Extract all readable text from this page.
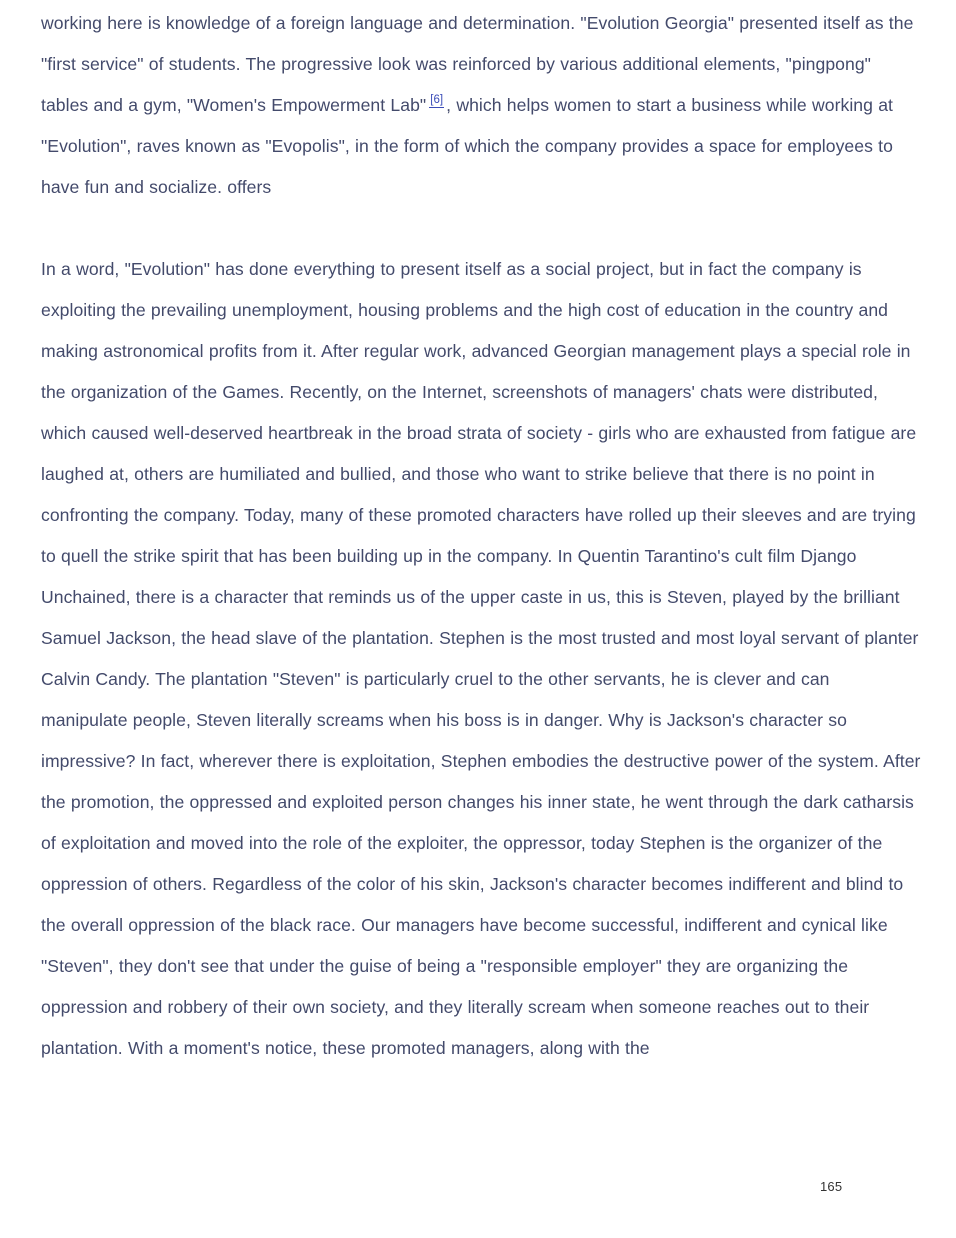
working here is knowledge of a foreign language and determination. "Evolution Georgia" presented itself as the "first service" of students. The progressive look was reinforced by various additional elements, "pingpong" tables and a gym, "Women's Empowerment Lab" [6] , which helps women to start a business while working at "Evolution", raves known as "Evopolis", in the form of which the company provides a space for employees to have fun and socialize. offers

In a word, "Evolution" has done everything to present itself as a social project, but in fact the company is exploiting the prevailing unemployment, housing problems and the high cost of education in the country and making astronomical profits from it. After regular work, advanced Georgian management plays a special role in the organization of the Games. Recently, on the Internet, screenshots of managers' chats were distributed, which caused well-deserved heartbreak in the broad strata of society - girls who are exhausted from fatigue are laughed at, others are humiliated and bullied, and those who want to strike believe that there is no point in confronting the company. Today, many of these promoted characters have rolled up their sleeves and are trying to quell the strike spirit that has been building up in the company. In Quentin Tarantino's cult film Django Unchained, there is a character that reminds us of the upper caste in us, this is Steven, played by the brilliant Samuel Jackson, the head slave of the plantation. Stephen is the most trusted and most loyal servant of planter Calvin Candy. The plantation "Steven" is particularly cruel to the other servants, he is clever and can manipulate people, Steven literally screams when his boss is in danger. Why is Jackson's character so impressive? In fact, wherever there is exploitation, Stephen embodies the destructive power of the system. After the promotion, the oppressed and exploited person changes his inner state, he went through the dark catharsis of exploitation and moved into the role of the exploiter, the oppressor, today Stephen is the organizer of the oppression of others. Regardless of the color of his skin, Jackson's character becomes indifferent and blind to the overall oppression of the black race. Our managers have become successful, indifferent and cynical like "Steven", they don't see that under the guise of being a "responsible employer" they are organizing the oppression and robbery of their own society, and they literally scream when someone reaches out to their plantation. With a moment's notice, these promoted managers, along with the

165
